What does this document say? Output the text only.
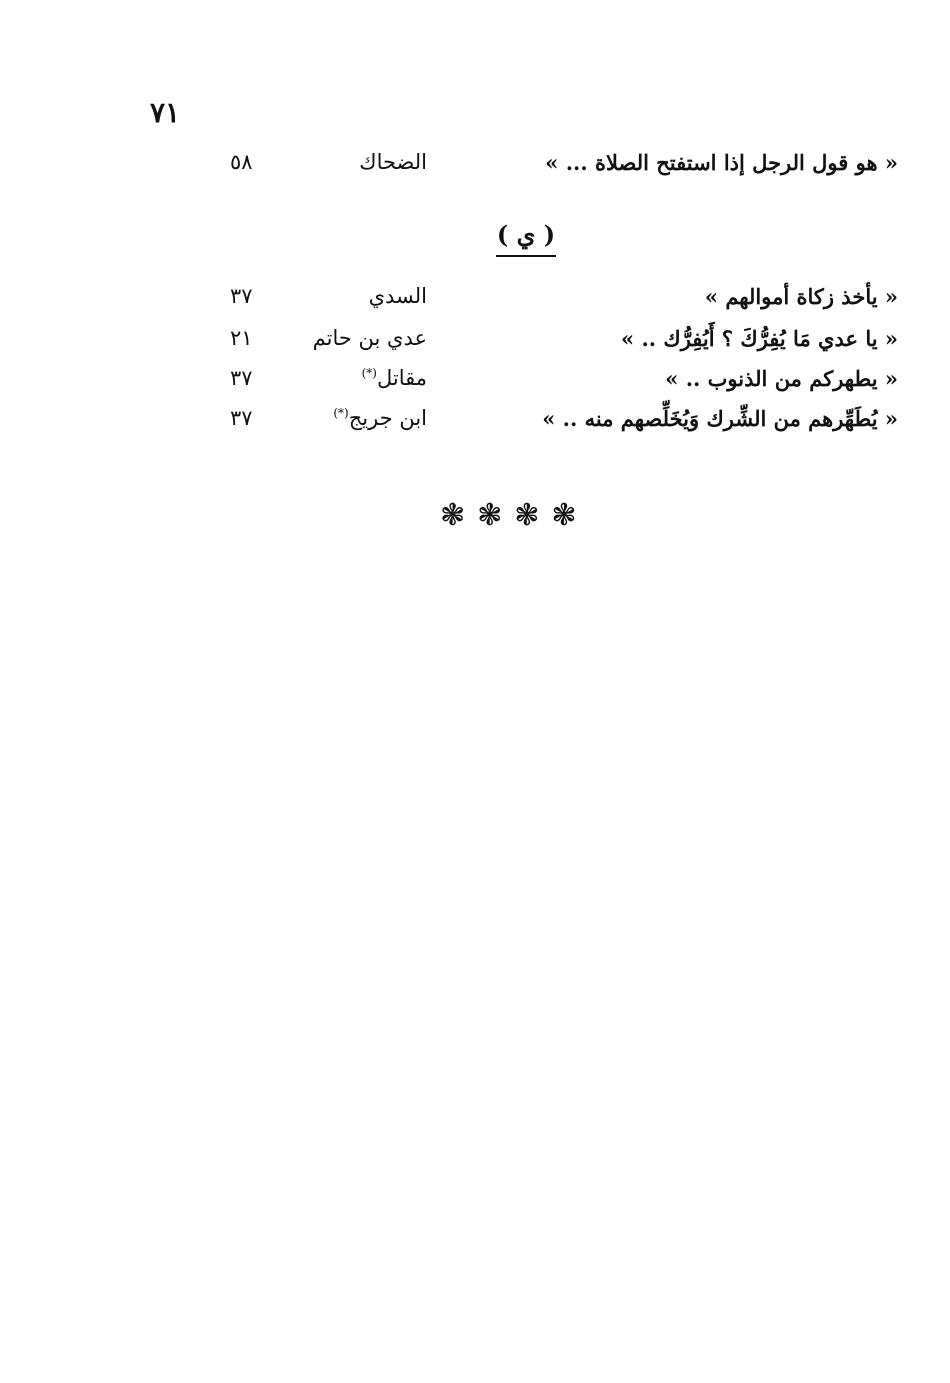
٧١
« هو قول الرجل إذا استفتح الصلاة ... »
الضحاك
٥٨
( ي )
« يأخذ زكاة أموالهم »
السدي
٣٧
« يا عدي مَا يُفِرُّكَ ؟ أَيُفِرُّك .. »
عدي بن حاتم
٢١
« يطهركم من الذنوب .. »
مقاتل(*)
٣٧
« يُطَهِّرهم من الشِّرك وَيُخَلِّصهم منه .. »
ابن جريج(*)
٣٧
❃❃❃❃
